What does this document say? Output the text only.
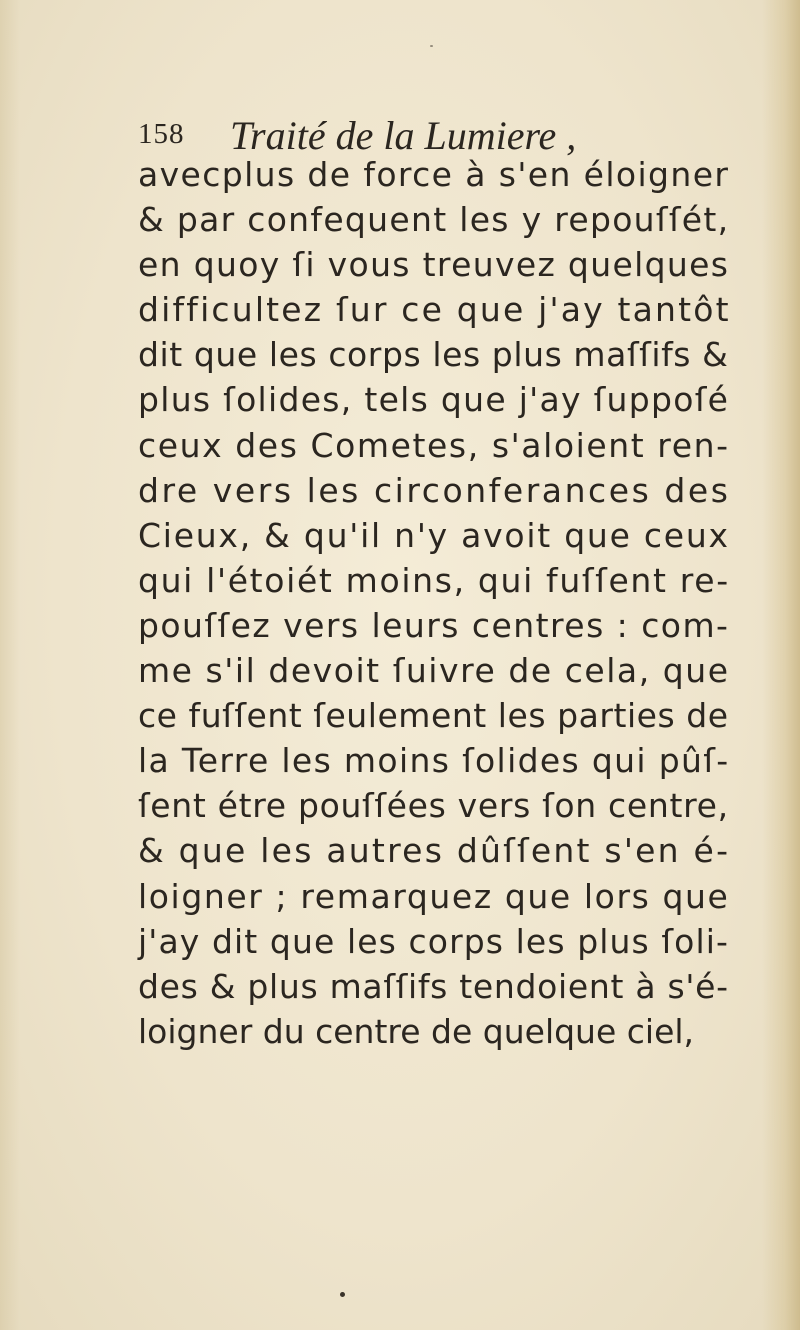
158 Traité de la Lumiere ,
avecplus de force à s'en éloigner
& par confequent les y repouſſét,
en quoy ſi vous treuvez quelques
difficultez ſur ce que j'ay tantôt
dit que les corps les plus maſſifs &
plus ſolides, tels que j'ay ſuppoſé
ceux des Cometes, s'aloient ren-
dre vers les circonferances des
Cieux, & qu'il n'y avoit que ceux
qui l'étoiét moins, qui fuſſent re-
pouſſez vers leurs centres : com-
me s'il devoit ſuivre de cela, que
ce fuſſent ſeulement les parties de
la Terre les moins ſolides qui pûſ-
ſent étre pouſſées vers ſon centre,
& que les autres dûſſent s'en é-
loigner ; remarquez que lors que
j'ay dit que les corps les plus ſoli-
des & plus maſſifs tendoient à s'é-
loigner du centre de quelque ciel,
